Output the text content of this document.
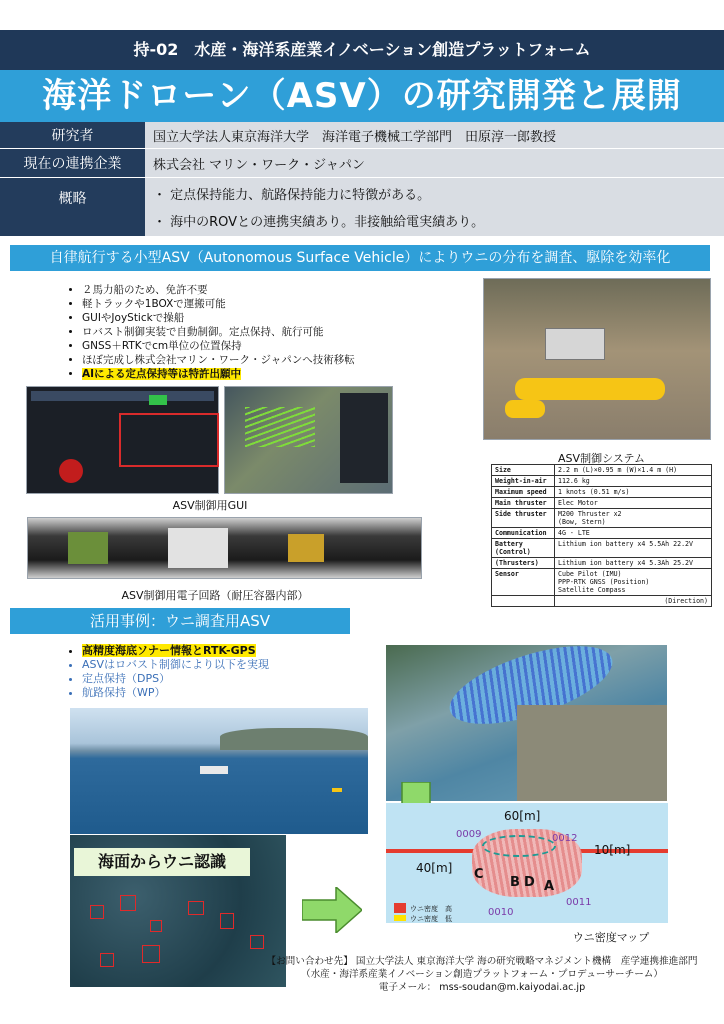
持-02　水産・海洋系産業イノベーション創造プラットフォーム
海洋ドローン（ASV）の研究開発と展開
研究者	国立大学法人東京海洋大学　海洋電子機械工学部門　田原淳一郎教授
現在の連携企業	株式会社 マリン・ワーク・ジャパン
概略	・ 定点保持能力、航路保持能力に特徴がある。
・ 海中のROVとの連携実績あり。非接触給電実績あり。
自律航行する小型ASV（Autonomous Surface Vehicle）によりウニの分布を調査、駆除を効率化
• ２馬力船のため、免許不要
• 軽トラックや1BOXで運搬可能
• GUIやJoyStickで操船
• ロバスト制御実装で自動制御。定点保持、航行可能
• GNSS＋RTKでcm単位の位置保持
• ほぼ完成し株式会社マリン・ワーク・ジャパンへ技術移転
• AIによる定点保持等は特許出願中
ASV制御用GUI
ASV制御用電子回路（耐圧容器内部）
ASV制御システム
Size	2.2 m (L)×0.95 m (W)×1.4 m (H)
Weight-in-air	112.6 kg
Maximum speed	1 knots (0.51 m/s)
Main thruster	Elec Motor
Side thruster	M200 Thruster x2
(Bow, Stern)
Communication	4G - LTE
Battery
(Control)	Lithium ion battery x4 5.5Ah 22.2V
(Thrusters)	Lithium ion battery x4 5.3Ah 25.2V
Sensor	Cube Pilot (IMU)
PPP-RTK GNSS (Position)
Satellite Compass
	(Direction)
活用事例：ウニ調査用ASV
• 高精度海底ソナー情報とRTK-GPS
• ASVはロバスト制御により以下を実現
• 定点保持（DPS）
• 航路保持（WP）
海面からウニ認識
60[m]
40[m]
10[m]
0009	0012
0010
0011
C
B D A
ウニ密度　高
ウニ密度　低
ウニ密度マップ
【お問い合わせ先】 国立大学法人 東京海洋大学 海の研究戦略マネジメント機構　産学連携推進部門
（水産・海洋系産業イノベーション創造プラットフォーム・プロデューサーチーム）
電子メール： mss-soudan@m.kaiyodai.ac.jp
